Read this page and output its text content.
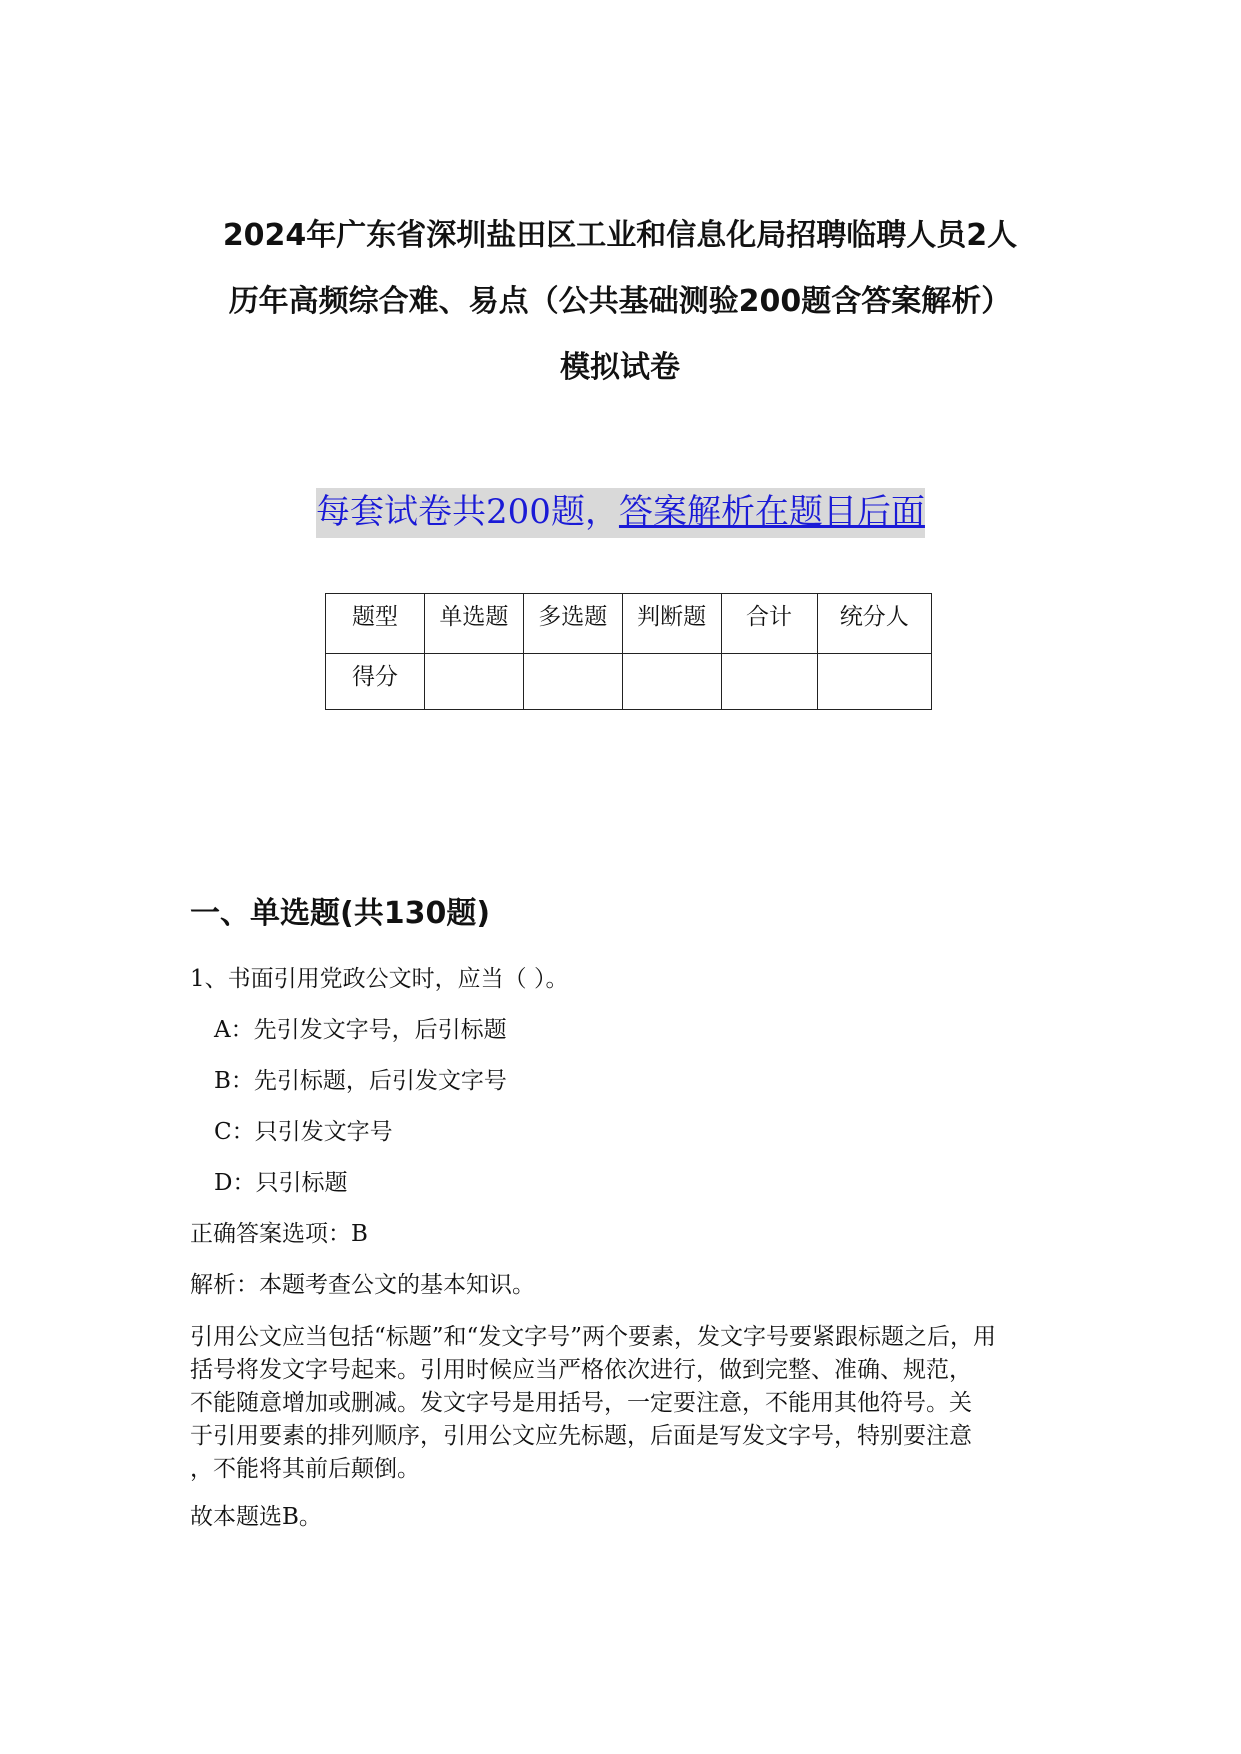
2024年广东省深圳盐田区工业和信息化局招聘临聘人员2人
历年高频综合难、易点（公共基础测验200题含答案解析）
模拟试卷
每套试卷共200题，答案解析在题目后面
题型	单选题	多选题	判断题	合计	统分人
得分					
一、单选题(共130题)
1、书面引用党政公文时，应当（ ）。
A：先引发文字号，后引标题
B：先引标题，后引发文字号
C：只引发文字号
D：只引标题
正确答案选项：B
解析：本题考查公文的基本知识。
引用公文应当包括“标题”和“发文字号”两个要素，发文字号要紧跟标题之后，用
括号将发文字号起来。引用时候应当严格依次进行，做到完整、准确、规范，
不能随意增加或删减。发文字号是用括号，一定要注意，不能用其他符号。关
于引用要素的排列顺序，引用公文应先标题，后面是写发文字号，特别要注意
，不能将其前后颠倒。
故本题选B。
